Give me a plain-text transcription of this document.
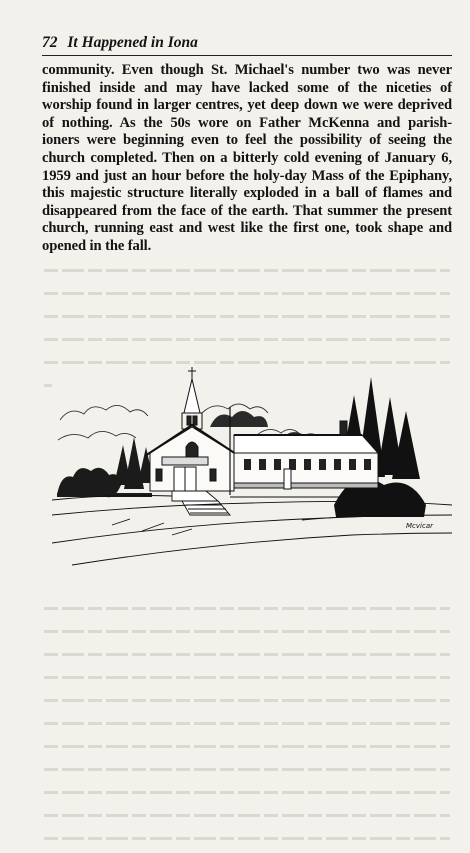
72 It Happened in Iona
community. Even though St. Michael's number two was never
finished inside and may have lacked some of the niceties of
worship found in larger centres, yet deep down we were deprived
of nothing. As the 50s wore on Father McKenna and parish-
ioners were beginning even to feel the possibility of seeing the
church completed. Then on a bitterly cold evening of January 6,
1959 and just an hour before the holy-day Mass of the Epiphany,
this majestic structure literally exploded in a ball of flames and
disappeared from the face of the earth. That summer the present
church, running east and west like the first one, took shape and
opened in the fall.
Mcvicar
